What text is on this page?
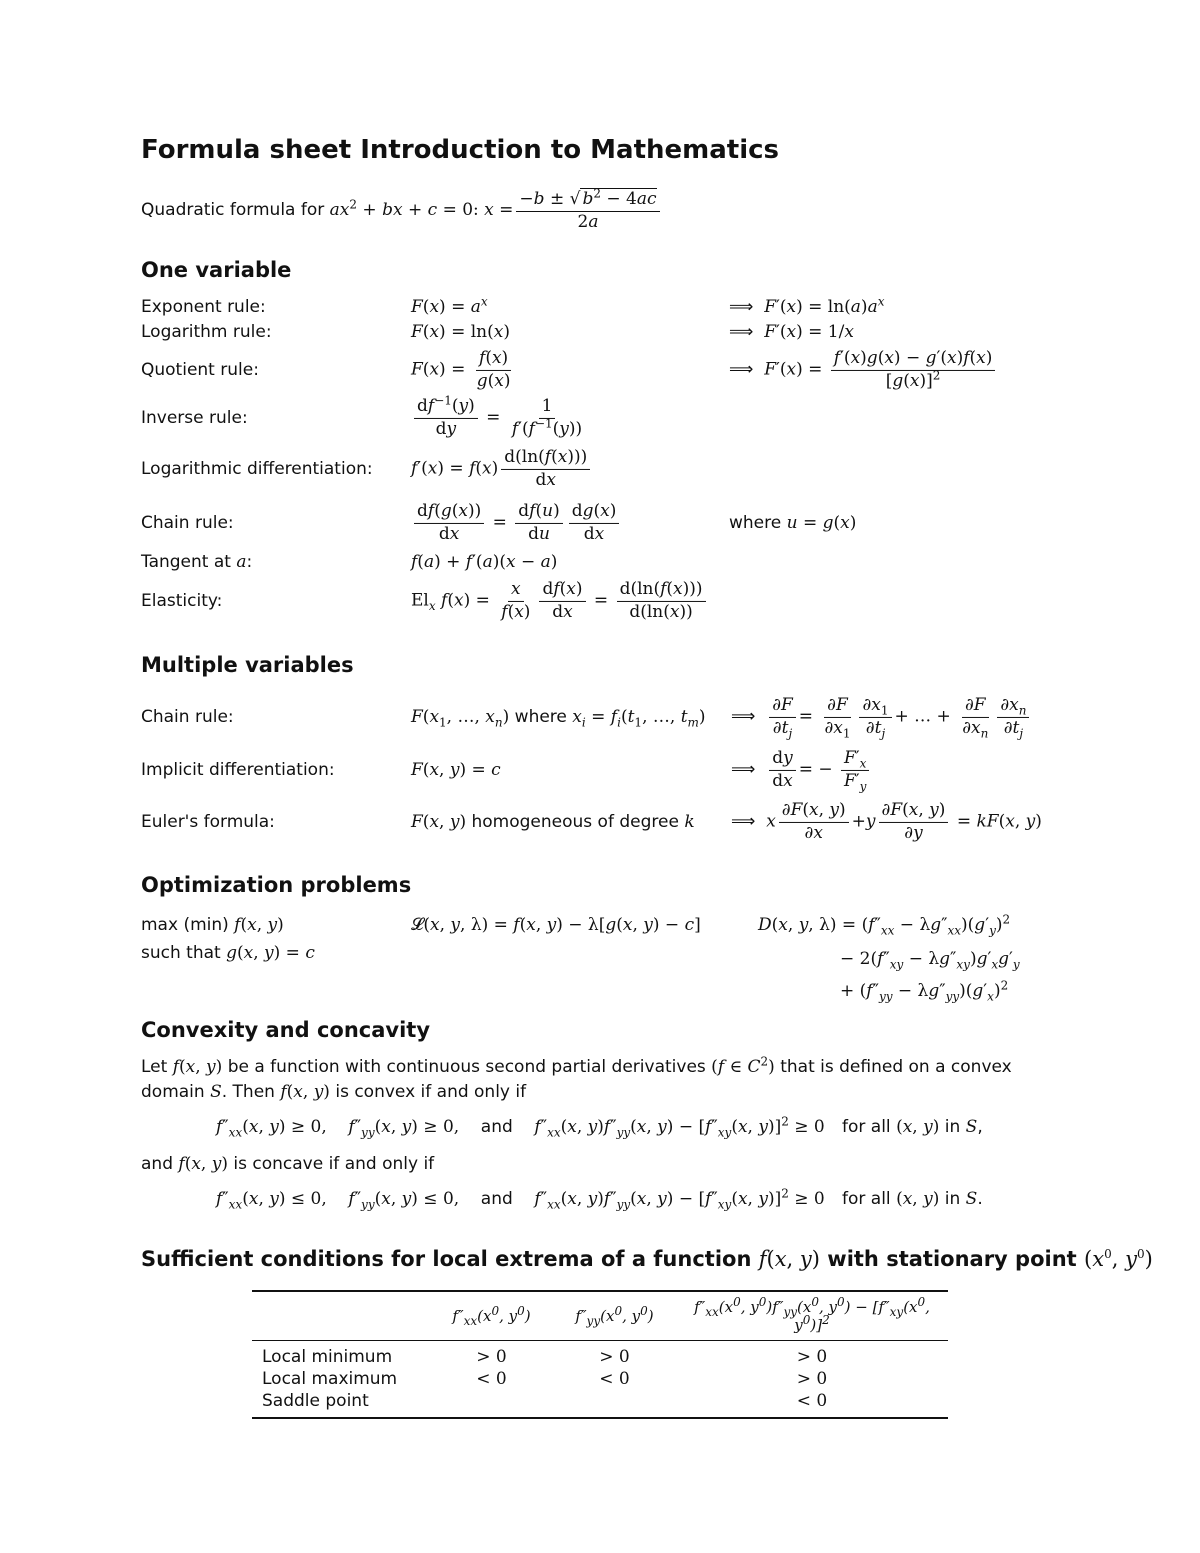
Formula sheet Introduction to Mathematics
Quadratic formula for
$ax^2$ + bx + c = 0: $x = \frac{-b \pm √ b^2 - 4ac}{2a}$
One variable
Exponent rule:	$F(x) = a^x$	⟹ $F'(x) = \ln(a)a^x$
Logarithm rule:	F(x) = ln(x)	⟹ F′(x) = 1/x
Quotient rule:	$F(x) = \frac{f(x)}{g(x)}$	⟹ $F'(x) = \frac{f'(x)g(x) - g'(x)f(x)}{[g(x)]^2}$
Inverse rule:	$\frac{df^{-1}(y)}{dy} = \frac{1}{f'(f^{-1}(y))}$
Logarithmic differentiation: $f'(x) = f(x) \frac{d(\ln(f(x)))}{dx}$
Chain rule:	$\frac{df(g(x))}{dx} = \frac{df(u)}{du} \frac{dg(x)}{dx}$	where u = g(x)
Tangent at a:	f(a) + f′(a)(x − a)
Elasticity:	$El_x$ $f(x) = \frac{x}{f(x)} \frac{df(x)}{dx} = \frac{d(\ln(f(x)))}{d(\ln(x))}$
Multiple variables
Chain rule:	$F(x_1$, …, $x_n$) where $x_i = f_i(t_1$, …, $t_m$) ⟹ $\frac{\partial F}{\partial t_j} = \frac{\partial F}{\partial x_1} \frac{\partial x_1}{\partial t_j}$ + … + $\frac{\partial F}{\partial x_n} \frac{\partial x_n}{\partial t_j}$
Implicit differentiation:	F(x, y) = c	⟹ $\frac{dy}{dx}$ = − $\frac{F'_x}{F'_y}$
Euler's formula:	F(x, y) homogeneous of degree k ⟹ x $\frac{\partial F(x, y)}{\partial x} +y \frac{\partial F(x, y)}{\partial y} = kF(x$, y)
Optimization problems
max (min) f(x, y)
such that g(x, y) = c
𝓛(x, y, λ) = f(x, y) − λ[g(x, y) − c]	D(x, y, $\lambda) = (f''_{xx} - \lambda g''_{xx})(g'_y)^2$
− $2(f''_{xy} - \lambda g''_{xy})g'_xg'_y$
+ $(f''_{yy} - \lambda g''_{yy})(g'_x)^2$
Convexity and concavity
Let f(x, y) be a function with continuous second partial derivatives (f ∈ $C^2$) that is defined on a convex
domain S. Then f(x, y) is convex if and only if
$f''_{xx}(x$, y) ≥ 0,    $f''_{yy}(x$, y) ≥ 0,    and $f''_{xx}(x$, $y)f''_{yy}(x$, $y) - [f''_{xy}(x$, y)]$^2$ ≥ 0 for all (x, y) in S,
and f(x, y) is concave if and only if
$f''_{xx}(x$, y) ≤ 0,    $f''_{yy}(x$, y) ≤ 0,    and $f''_{xx}(x$, $y)f''_{yy}(x$, $y) - [f''_{xy}(x$, y)]$^2$ ≥ 0 for all (x, y) in S.
Sufficient conditions for local extrema of a function f(x, y) with stationary point ($x^0$, $y^0$)
	$f''_{xx}(x^0$, $y^0$)	$f''_{yy}(x^0$, $y^0$)	$f''_{xx}(x^0$, $y^0)f''_{yy}(x^0$, $y^0) - [f''_{xy}(x^0$, $y^0)]^2$
Local minimum	> 0	> 0	> 0
Local maximum	< 0	< 0	> 0
Saddle point			< 0
